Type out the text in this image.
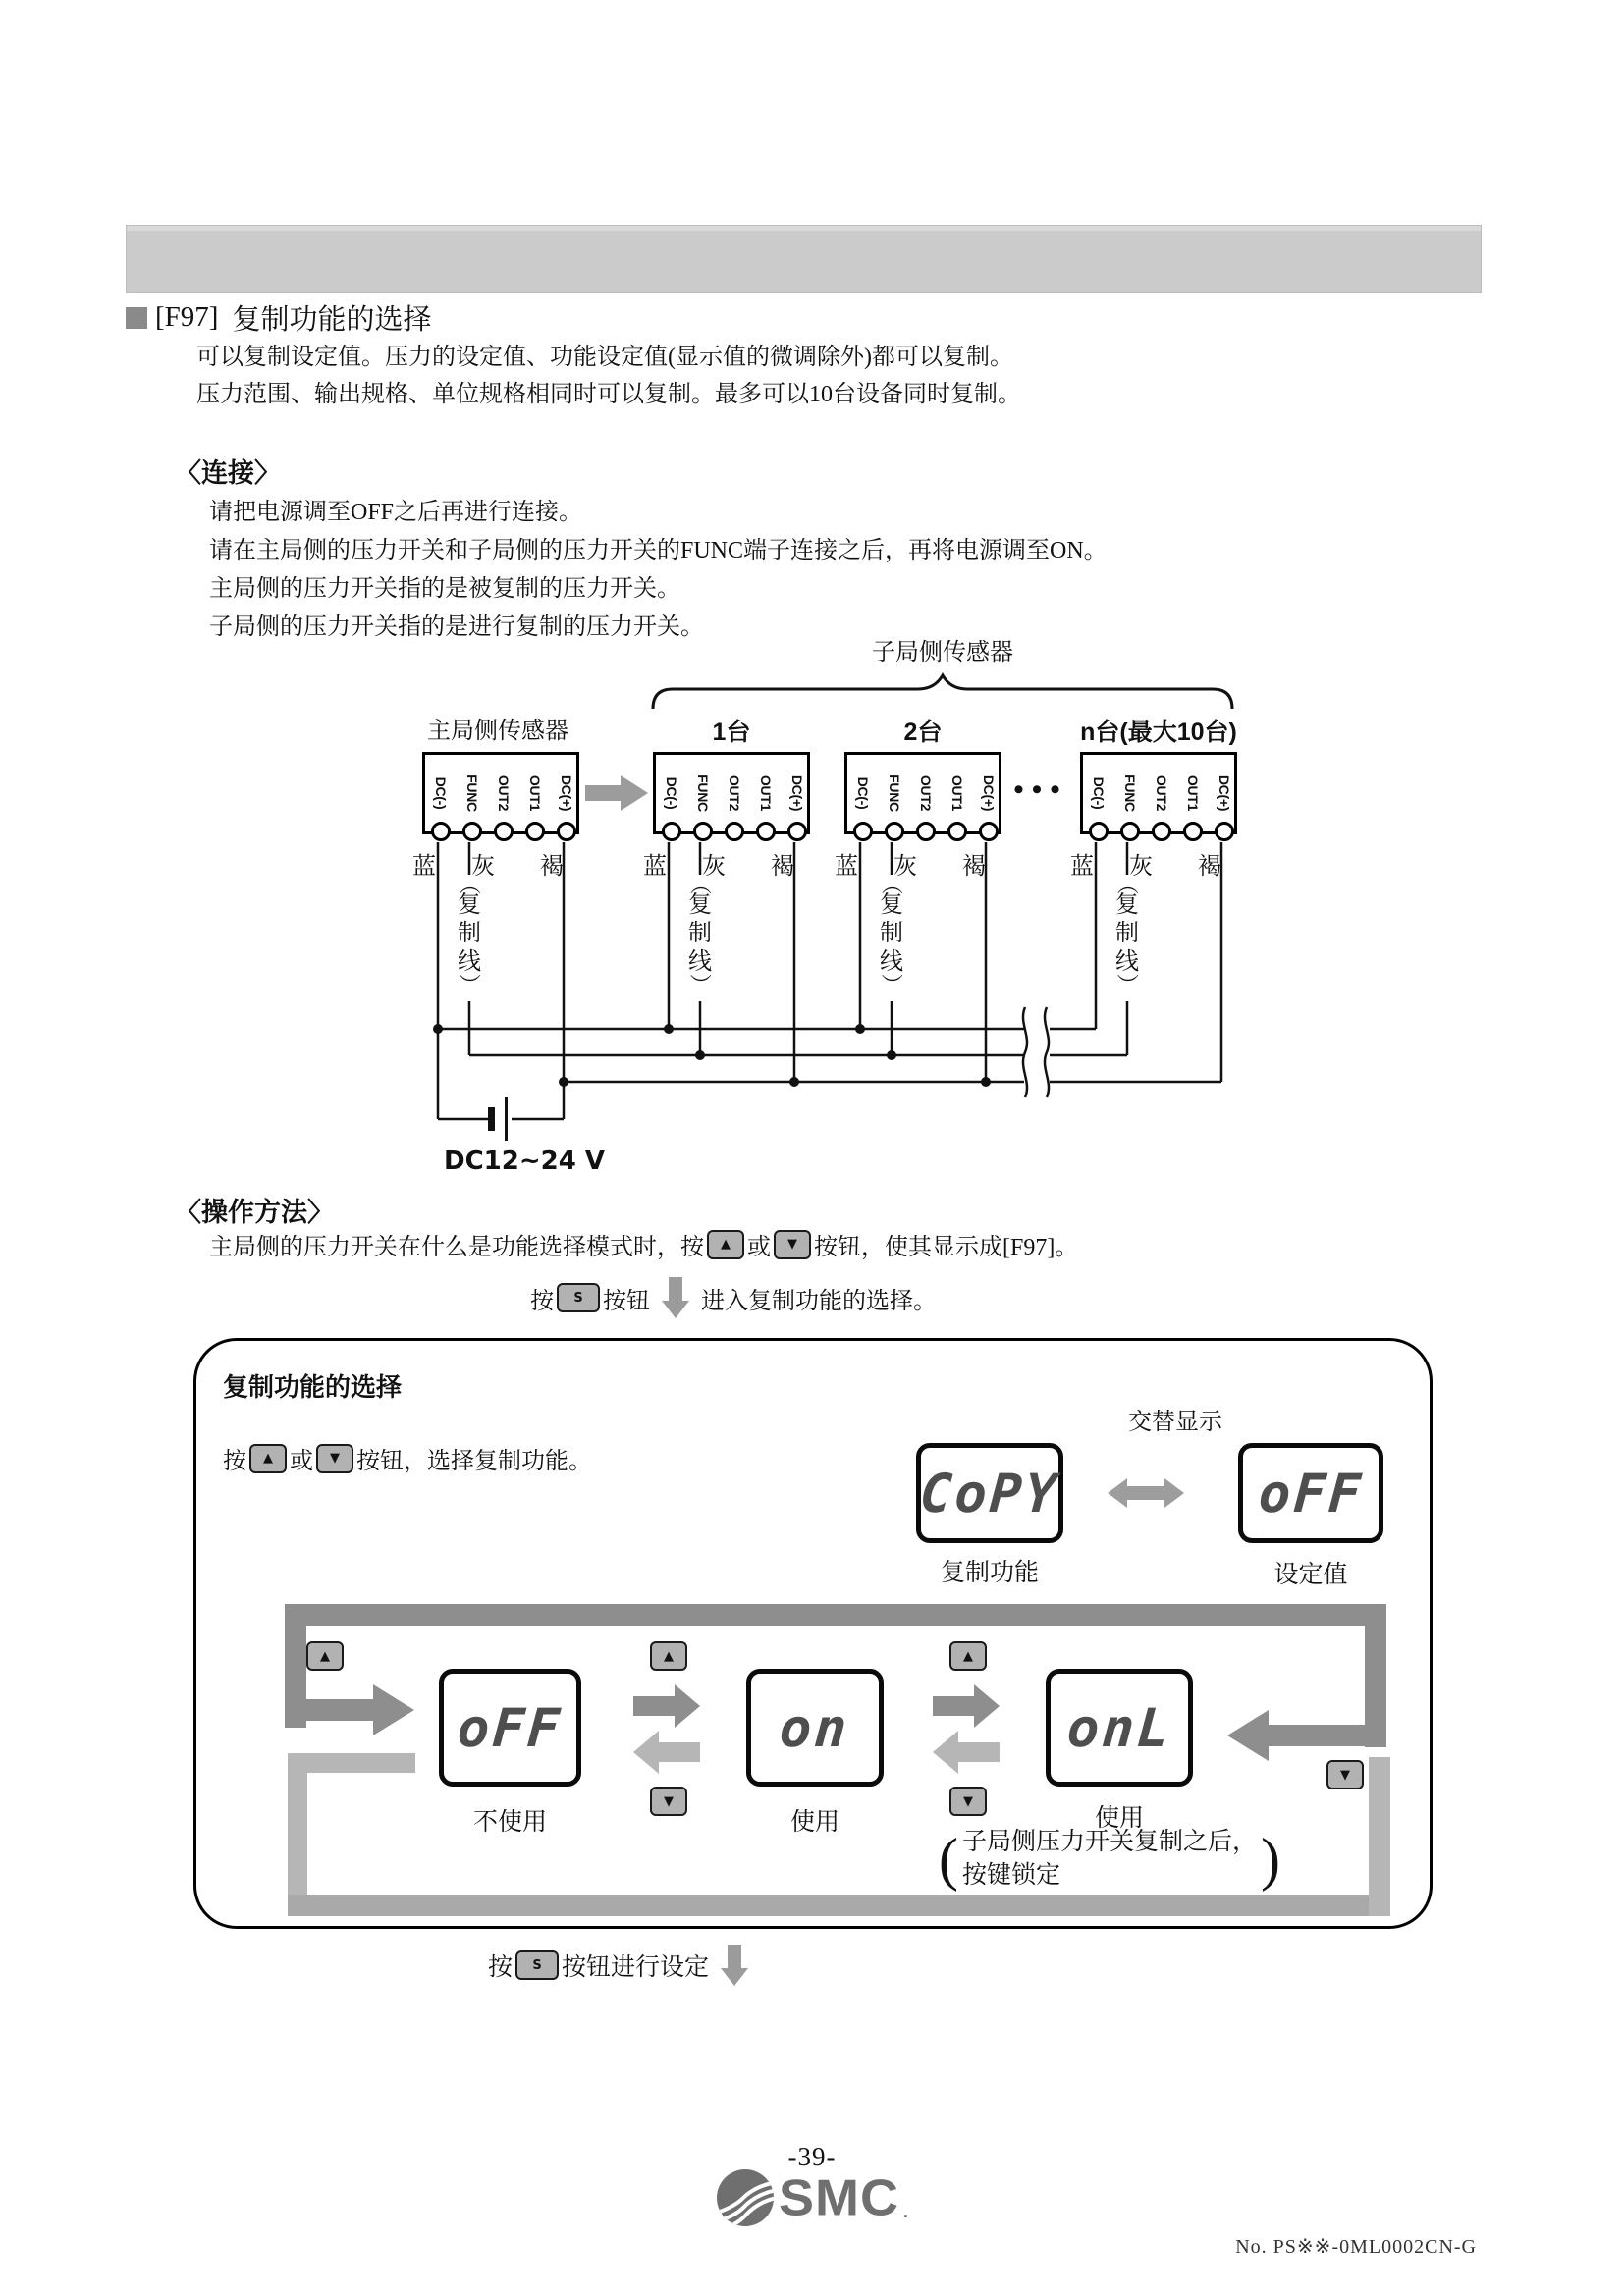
[F97] 复制功能的选择
可以复制设定值。压力的设定值、功能设定值(显示值的微调除外)都可以复制。
压力范围、输出规格、单位规格相同时可以复制。最多可以10台设备同时复制。
〈连接〉
请把电源调至OFF之后再进行连接。
请在主局侧的压力开关和子局侧的压力开关的FUNC端子连接之后，再将电源调至ON。
主局侧的压力开关指的是被复制的压力开关。
子局侧的压力开关指的是进行复制的压力开关。
子局侧传感器
主局侧传感器	1台	2台	n台(最大10台)
•••
DC(-)	FUNC	OUT2	OUT1	DC(+)	DC(-)	FUNC	OUT2	OUT1	DC(+)	DC(-)	FUNC	OUT2	OUT1	DC(+)	DC(-)	FUNC	OUT2	OUT1	DC(+)
蓝	灰	褐	蓝	灰	褐	蓝	灰	褐	蓝	灰	褐
（
复制线
）
（
复制线
）
（
复制线
）
（
复制线
）
DC12~24 V
〈操作方法〉
主局侧的压力开关在什么是功能选择模式时，按 ▲ 或 ▼ 按钮，使其显示成[F97]。
按 S 按钮 进入复制功能的选择。
复制功能的选择
按 ▲ 或 ▼ 按钮，选择复制功能。
交替显示
CoPY	oFF
复制功能	设定值
▲	▲
▼
▲
▼
▼
oFF	on	onL
不使用	使用	使用
( 子局侧压力开关复制之后，
按键锁定	)
按 S 按钮进行设定
-39-
SMC .
No. PS※※-0ML0002CN-G
